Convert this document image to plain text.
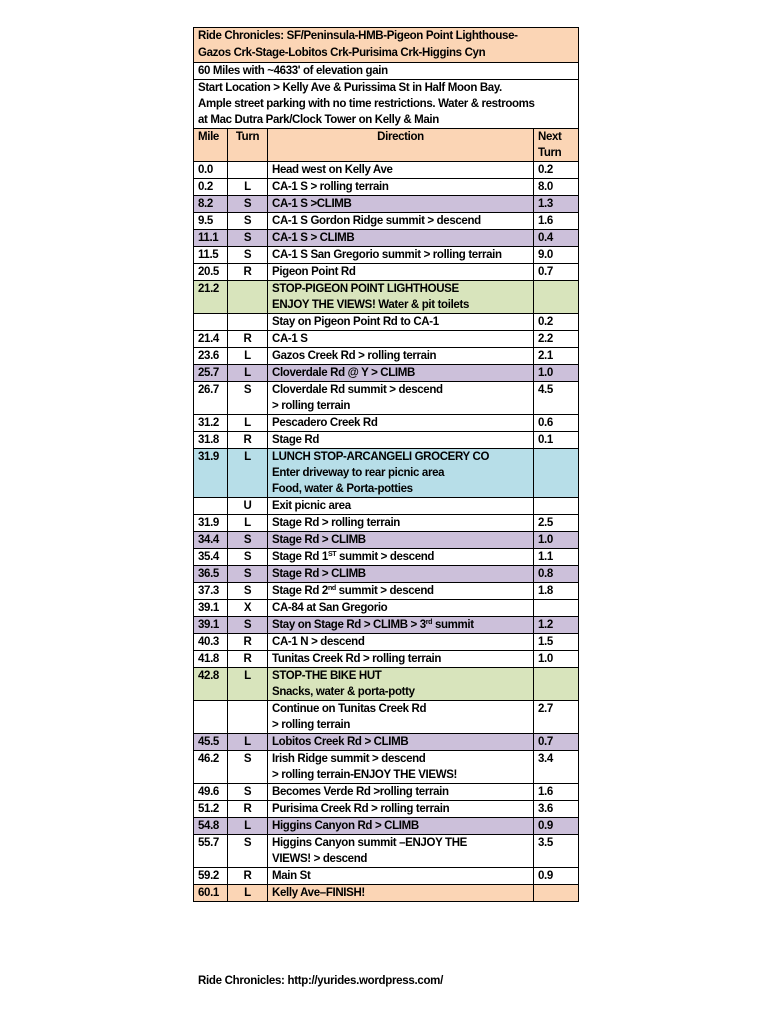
Ride Chronicles: SF/Peninsula-HMB-Pigeon Point Lighthouse-
Gazos Crk-Stage-Lobitos Crk-Purisima Crk-Higgins Cyn			

60 Miles with ~4633' of elevation gain			

Start Location > Kelly Ave & Purissima St in Half Moon Bay.
Ample street parking with no time restrictions. Water & restrooms
at Mac Dutra Park/Clock Tower on Kelly & Main			

Mile	Turn	Direction	Next
Turn

0.0		Head west on Kelly Ave	0.2
0.2	L	CA-1 S > rolling terrain	8.0
8.2	S	CA-1 S >CLIMB	1.3
9.5	S	CA-1 S Gordon Ridge summit > descend	1.6
11.1	S	CA-1 S > CLIMB	0.4
11.5	S	CA-1 S San Gregorio summit > rolling terrain	9.0
20.5	R	Pigeon Point Rd	0.7
21.2		STOP-PIGEON POINT LIGHTHOUSE
ENJOY THE VIEWS! Water & pit toilets	

		Stay on Pigeon Point Rd to CA-1	0.2
21.4	R	CA-1 S	2.2
23.6	L	Gazos Creek Rd > rolling terrain	2.1
25.7	L	Cloverdale Rd @ Y > CLIMB	1.0
26.7	S	Cloverdale Rd summit > descend
> rolling terrain	4.5
31.2	L	Pescadero Creek Rd	0.6
31.8	R	Stage Rd	0.1
31.9	L	LUNCH STOP-ARCANGELI GROCERY CO
Enter driveway to rear picnic area
Food, water & Porta-potties	

	U	Exit picnic area	

31.9	L	Stage Rd > rolling terrain	2.5
34.4	S	Stage Rd > CLIMB	1.0
35.4	S	Stage Rd 1ST summit > descend	1.1
36.5	S	Stage Rd > CLIMB	0.8
37.3	S	Stage Rd 2nd summit > descend	1.8
39.1	X	CA-84 at San Gregorio	

39.1	S	Stay on Stage Rd > CLIMB > 3rd summit	1.2
40.3	R	CA-1 N > descend	1.5
41.8	R	Tunitas Creek Rd > rolling terrain	1.0
42.8	L	STOP-THE BIKE HUT
Snacks, water & porta-potty	

		Continue on Tunitas Creek Rd
> rolling terrain	2.7
45.5	L	Lobitos Creek Rd > CLIMB	0.7
46.2	S	Irish Ridge summit > descend
> rolling terrain-ENJOY THE VIEWS!	3.4
49.6	S	Becomes Verde Rd >rolling terrain	1.6
51.2	R	Purisima Creek Rd > rolling terrain	3.6
54.8	L	Higgins Canyon Rd > CLIMB	0.9
55.7	S	Higgins Canyon summit –ENJOY THE
VIEWS! > descend	3.5
59.2	R	Main St	0.9
60.1	L	Kelly Ave–FINISH!	

Ride Chronicles: http://yurides.wordpress.com/
